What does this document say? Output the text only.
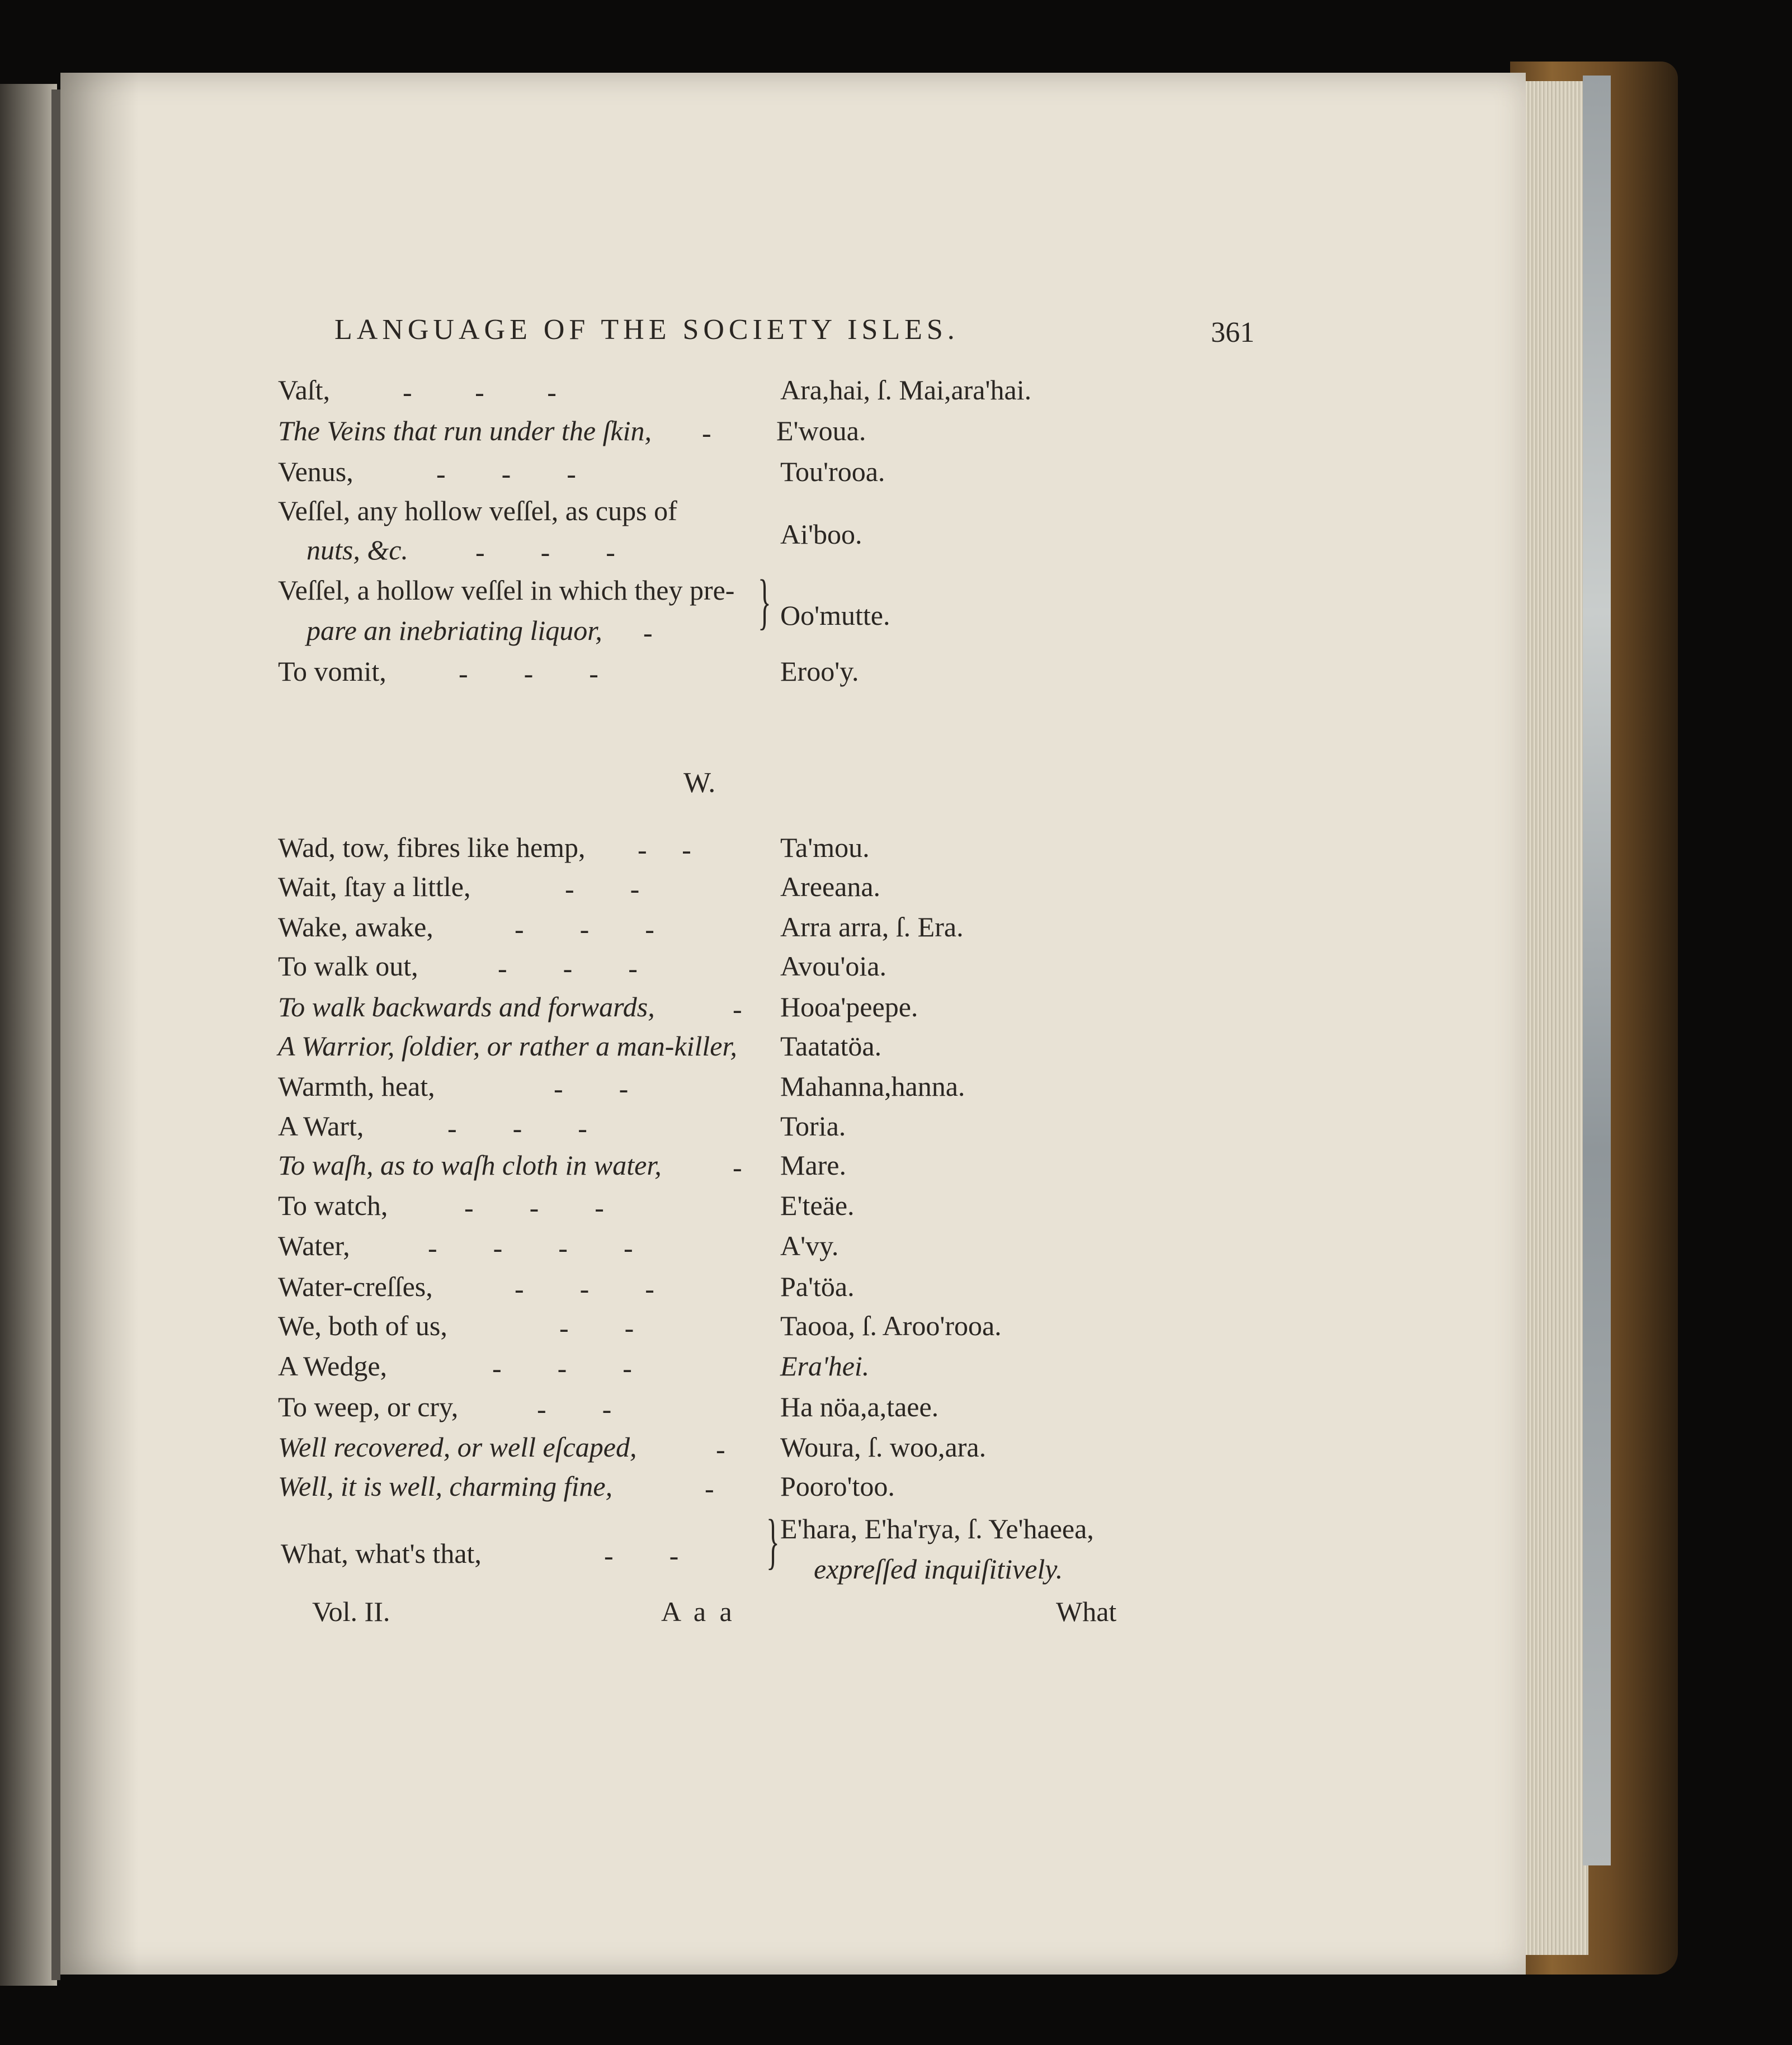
LANGUAGE OF THE SOCIETY ISLES.	361
Vaſt,	-         -         -	Ara,hai, ſ. Mai,ara'hai.
The Veins that run under the ſkin, - E'woua.
Venus,	-        -        -	Tou'rooa.
Veſſel, any hollow veſſel, as cups of
nuts, &c. -        -        -
Ai'boo.
Veſſel, a hollow veſſel in which they pre-
pare an inebriating liquor, - } Oo'mutte.
To vomit,	-        -        -	Eroo'y.
W.
Wad, tow, fibres like hemp, -     -	Ta'mou.
Wait, ſtay a little,	-        -	Areeana.
Wake, awake,	-        -        -	Arra arra, ſ. Era.
To walk out,	-        -        -	Avou'oia.
To walk backwards and forwards,	- Hooa'peepe.
A Warrior, ſoldier, or rather a man-killer, Taatatöa.
Warmth, heat,	-        -	Mahanna,hanna.
A Wart,	-        -        -	Toria.
To waſh, as to waſh cloth in water,	- Mare.
To watch,	-        -        -	E'teäe.
Water,	-        -        -        -	A'vy.
Water-creſſes,	-        -        -	Pa'töa.
We, both of us,	-        -	Taooa, ſ. Aroo'rooa.
A Wedge,	-        -        -	Era'hei.
To weep, or cry,	-        -	Ha nöa,a,taee.
Well recovered, or well eſcaped,	- Woura, ſ. woo,ara.
Well, it is well, charming fine,	- Pooro'too.
What, what's that,	-        - } E'hara, E'ha'rya, ſ. Ye'haeea,
expreſſed inquiſitively.
Vol. II.	A a a	What
